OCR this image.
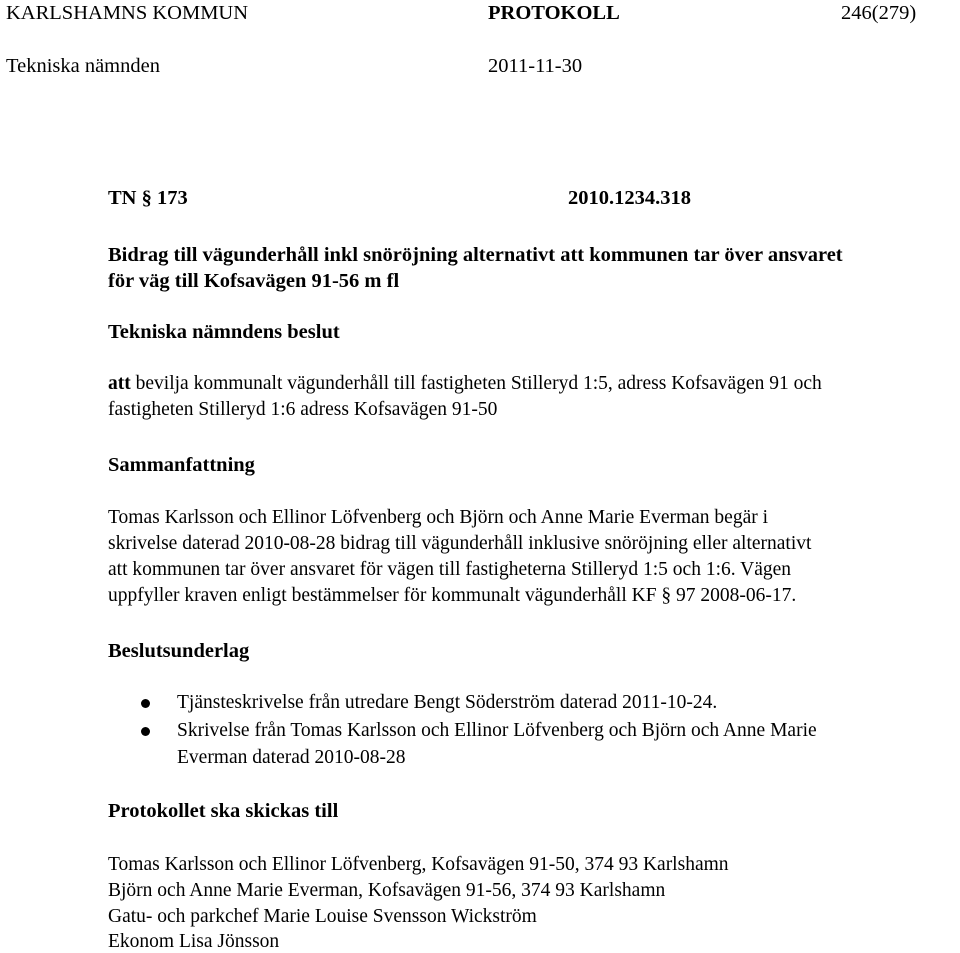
KARLSHAMNS KOMMUN	PROTOKOLL	246(279)
Tekniska nämnden	2011-11-30
TN § 173	2010.1234.318
Bidrag till vägunderhåll inkl snöröjning alternativt att kommunen tar över ansvaret
för väg till Kofsavägen 91-56 m fl
Tekniska nämndens beslut
att bevilja kommunalt vägunderhåll till fastigheten Stilleryd 1:5, adress Kofsavägen 91 och
fastigheten Stilleryd 1:6 adress Kofsavägen 91-50
Sammanfattning
Tomas Karlsson och Ellinor Löfvenberg och Björn och Anne Marie Everman begär i
skrivelse daterad 2010-08-28 bidrag till vägunderhåll inklusive snöröjning eller alternativt
att kommunen tar över ansvaret för vägen till fastigheterna Stilleryd 1:5 och 1:6. Vägen
uppfyller kraven enligt bestämmelser för kommunalt vägunderhåll KF § 97 2008-06-17.
Beslutsunderlag
Tjänsteskrivelse från utredare Bengt Söderström daterad 2011-10-24.
Skrivelse från Tomas Karlsson och Ellinor Löfvenberg och Björn och Anne Marie
Everman daterad 2010-08-28
Protokollet ska skickas till
Tomas Karlsson och Ellinor Löfvenberg, Kofsavägen 91-50, 374 93 Karlshamn
Björn och Anne Marie Everman, Kofsavägen 91-56, 374 93 Karlshamn
Gatu- och parkchef Marie Louise Svensson Wickström
Ekonom Lisa Jönsson
